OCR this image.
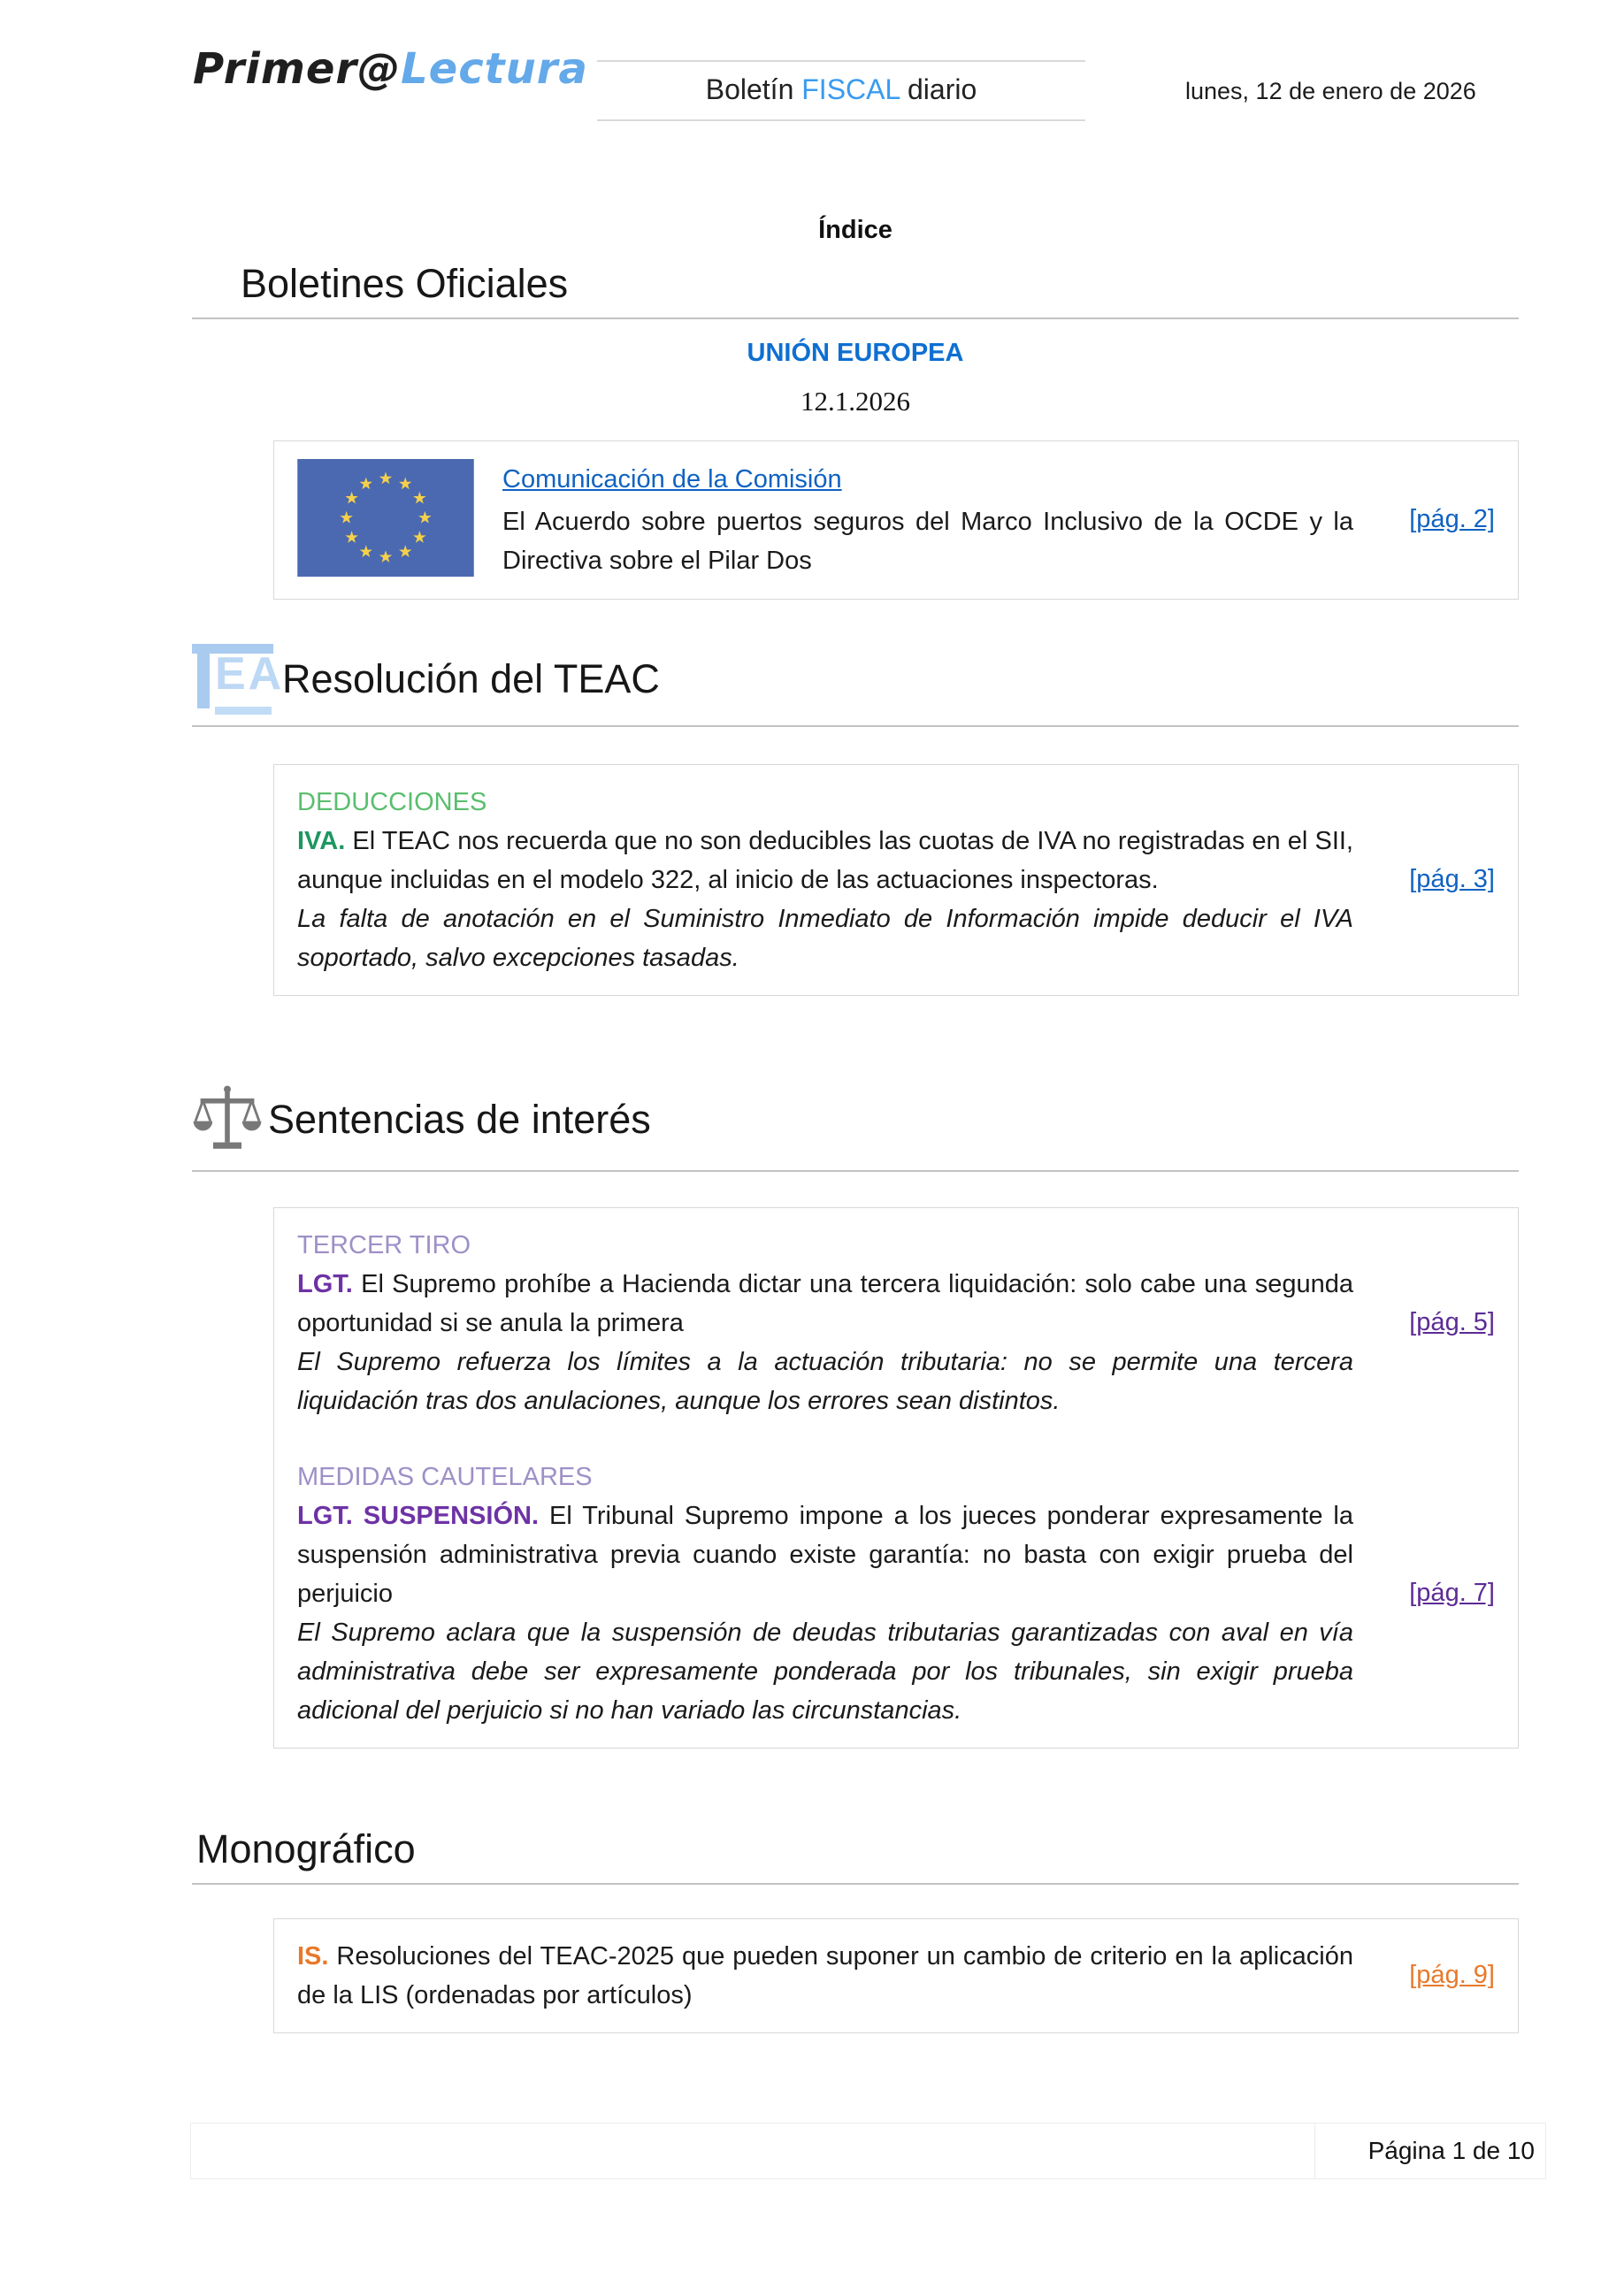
Primer@Lectura	Boletín FISCAL diario	lunes, 12 de enero de 2026
Índice
Boletines Oficiales
UNIÓN EUROPEA
12.1.2026
Comunicación de la Comisión

El Acuerdo sobre puertos seguros del Marco Inclusivo de la OCDE y la Directiva sobre el Pilar Dos

[pág. 2]
EA
Resolución del TEAC
DEDUCCIONES

IVA. El TEAC nos recuerda que no son deducibles las cuotas de IVA no registradas en el SII, aunque incluidas en el modelo 322, al inicio de las actuaciones inspectoras.

La falta de anotación en el Suministro Inmediato de Información impide deducir el IVA soportado, salvo excepciones tasadas.

[pág. 3]
Sentencias de interés
TERCER TIRO

LGT. El Supremo prohíbe a Hacienda dictar una tercera liquidación: solo cabe una segunda oportunidad si se anula la primera

El Supremo refuerza los límites a la actuación tributaria: no se permite una tercera liquidación tras dos anulaciones, aunque los errores sean distintos.

[pág. 5]
MEDIDAS CAUTELARES

LGT. SUSPENSIÓN. El Tribunal Supremo impone a los jueces ponderar expresamente la suspensión administrativa previa cuando existe garantía: no basta con exigir prueba del perjuicio

El Supremo aclara que la suspensión de deudas tributarias garantizadas con aval en vía administrativa debe ser expresamente ponderada por los tribunales, sin exigir prueba adicional del perjuicio si no han variado las circunstancias.

[pág. 7]
Monográfico

IS. Resoluciones del TEAC-2025 que pueden suponer un cambio de criterio en la aplicación de la LIS (ordenadas por artículos)

[pág. 9]
Página 1 de 10
